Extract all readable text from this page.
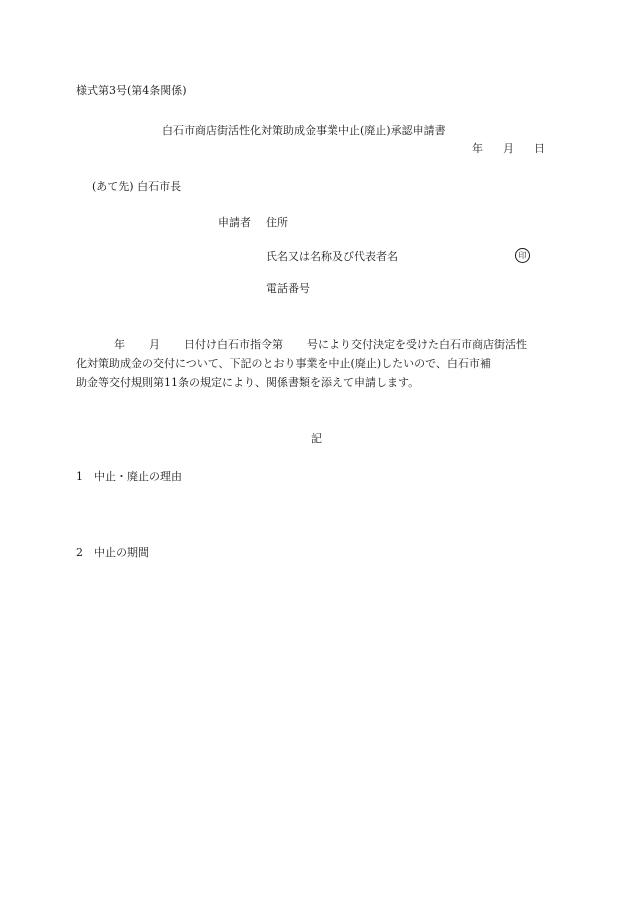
様式第3号(第4条関係)
白石市商店街活性化対策助成金事業中止(廃止)承認申請書
年 月 日
(あて先) 白石市長
申請者 住所
氏名又は名称及び代表者名	印
電話番号

年 月 日付け白石市指令第 号により交付決定を受けた白石市商店街活性

化対策助成金の交付について、下記のとおり事業を中止(廃止)したいので、白石市補

助金等交付規則第11条の規定により、関係書類を添えて申請します。

記
1 中止・廃止の理由
2 中止の期間
